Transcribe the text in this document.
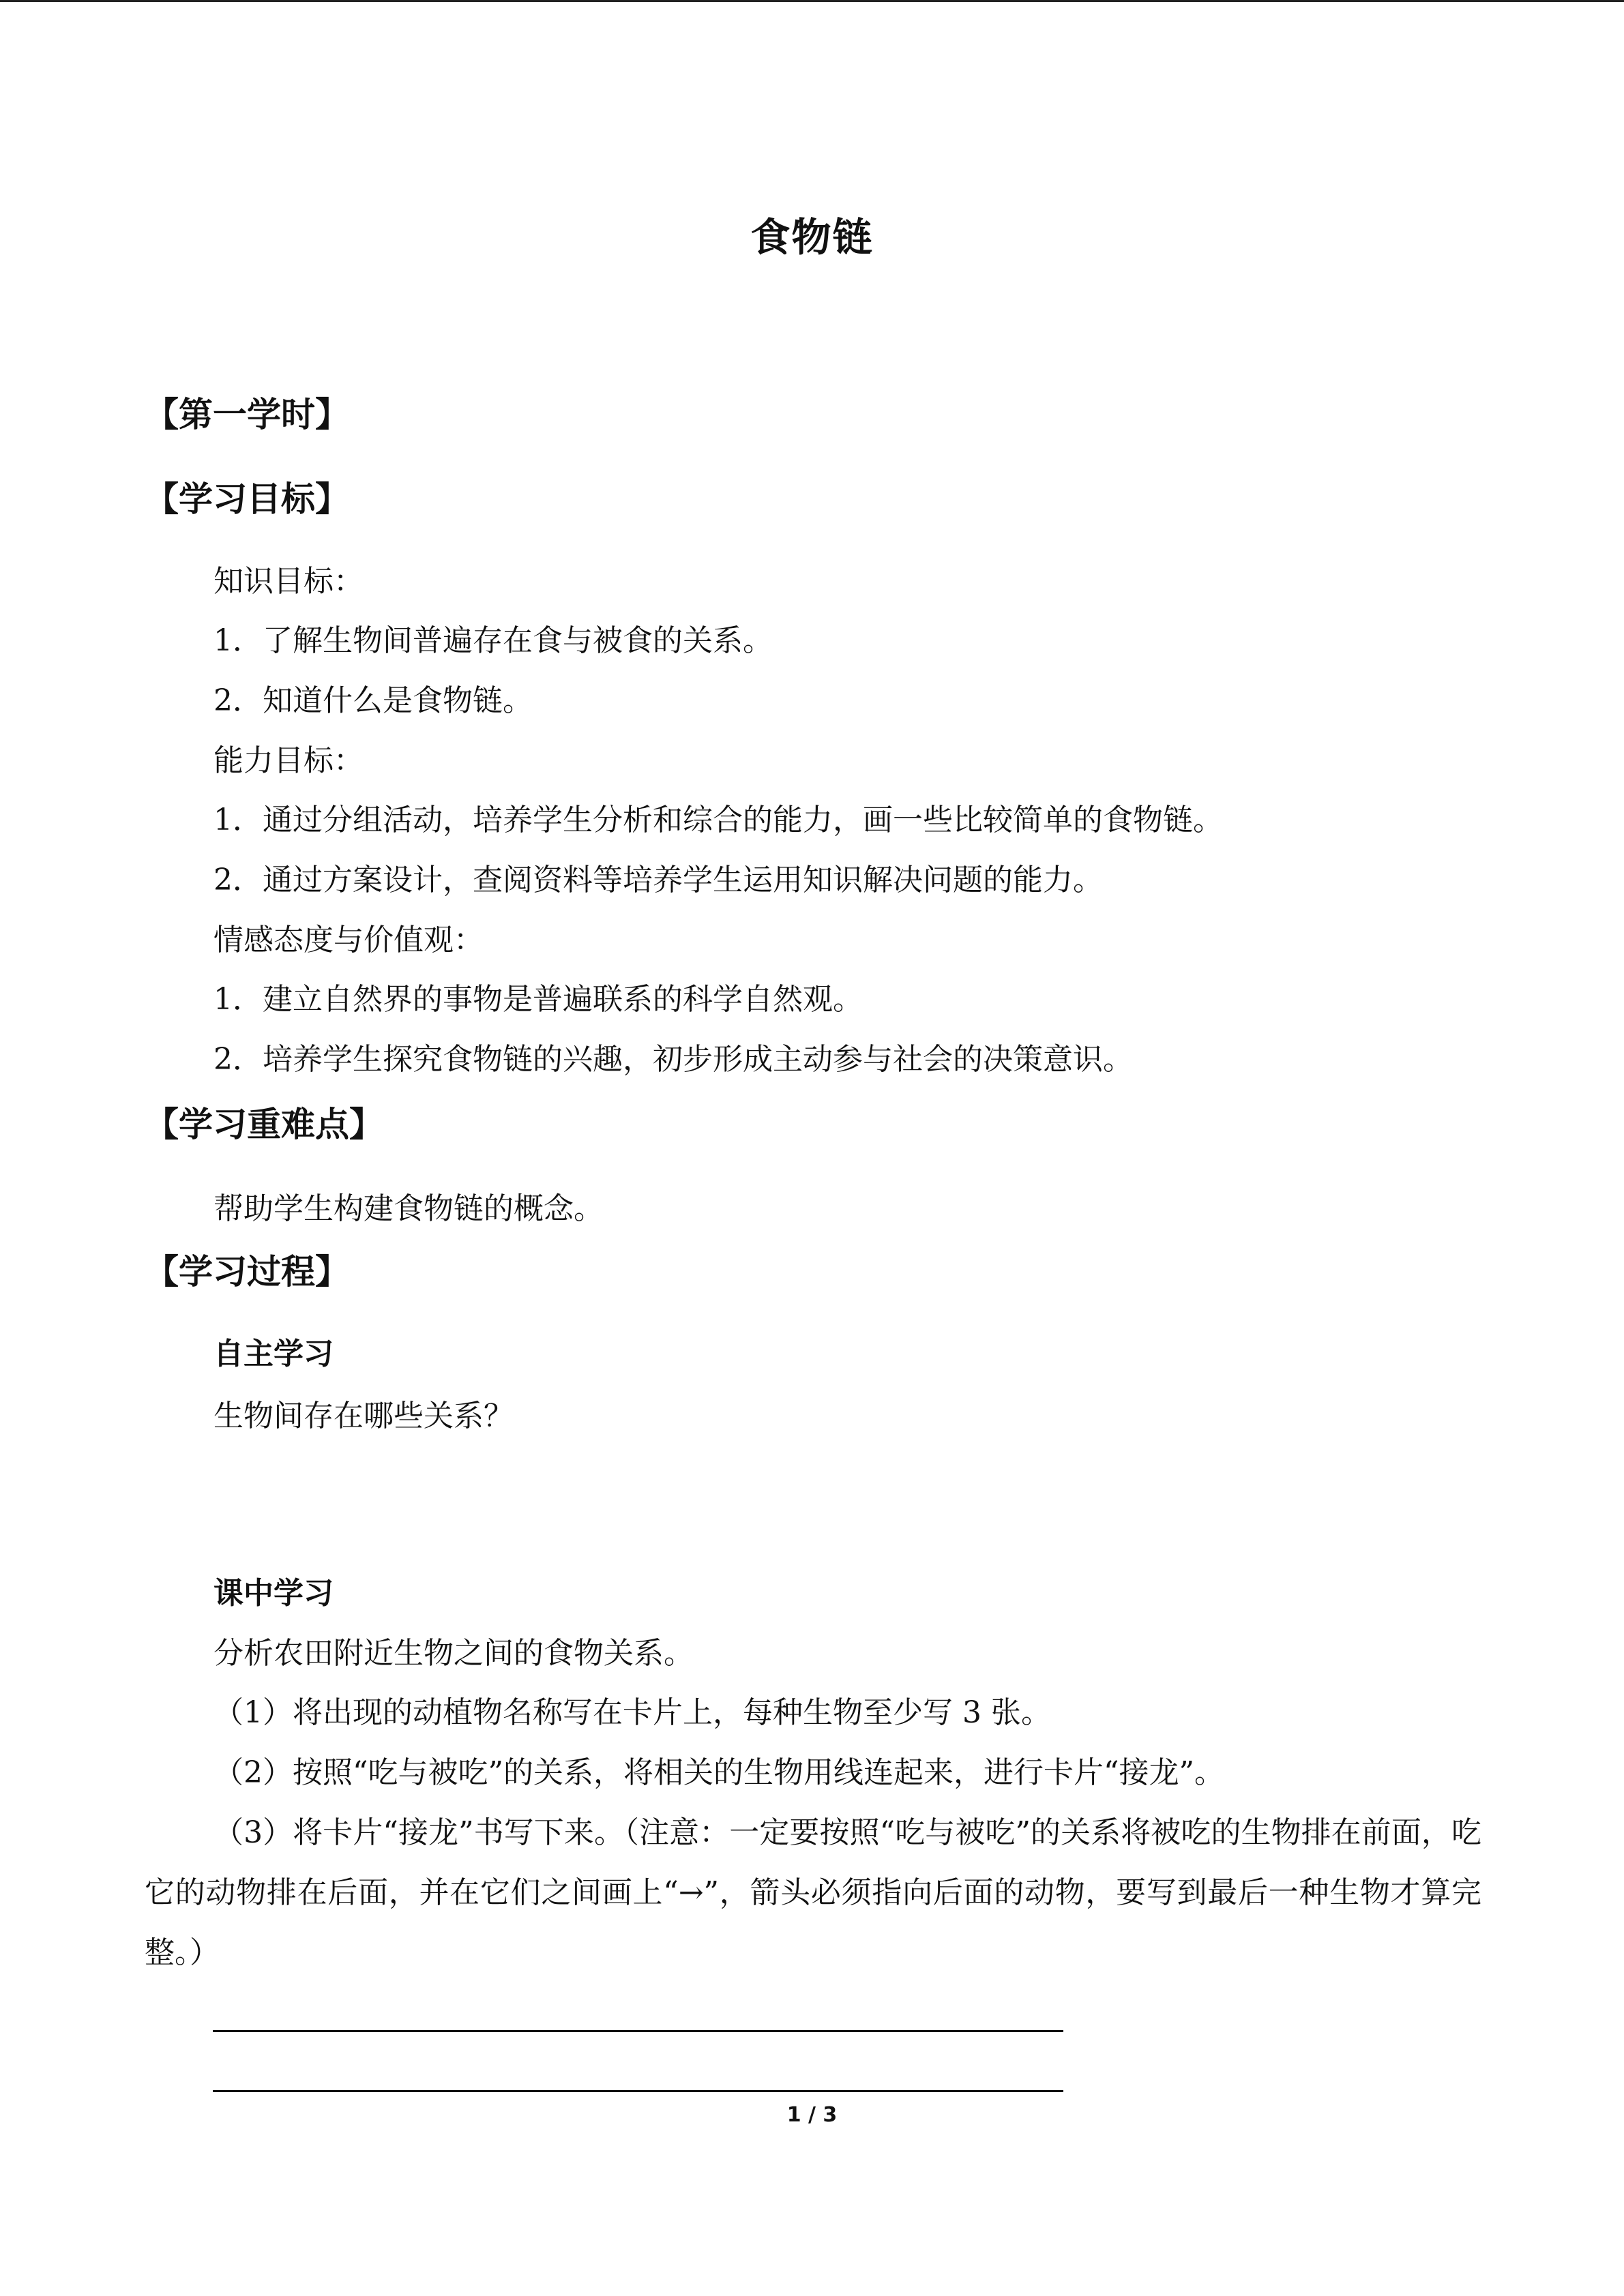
食物链
【第一学时】
【学习目标】
知识目标：
1．了解生物间普遍存在食与被食的关系。
2．知道什么是食物链。
能力目标：
1．通过分组活动，培养学生分析和综合的能力，画一些比较简单的食物链。
2．通过方案设计，查阅资料等培养学生运用知识解决问题的能力。
情感态度与价值观：
1．建立自然界的事物是普遍联系的科学自然观。
2．培养学生探究食物链的兴趣，初步形成主动参与社会的决策意识。
【学习重难点】
帮助学生构建食物链的概念。
【学习过程】
自主学习
生物间存在哪些关系？
课中学习
分析农田附近生物之间的食物关系。
（1）将出现的动植物名称写在卡片上，每种生物至少写 3 张。
（2）按照“吃与被吃”的关系，将相关的生物用线连起来，进行卡片“接龙”。
（3）将卡片“接龙”书写下来。（注意：一定要按照“吃与被吃”的关系将被吃的生物排在前面，吃它的动物排在后面，并在它们之间画上“→”，箭头必须指向后面的动物，要写到最后一种生物才算完整。）
1 / 3
